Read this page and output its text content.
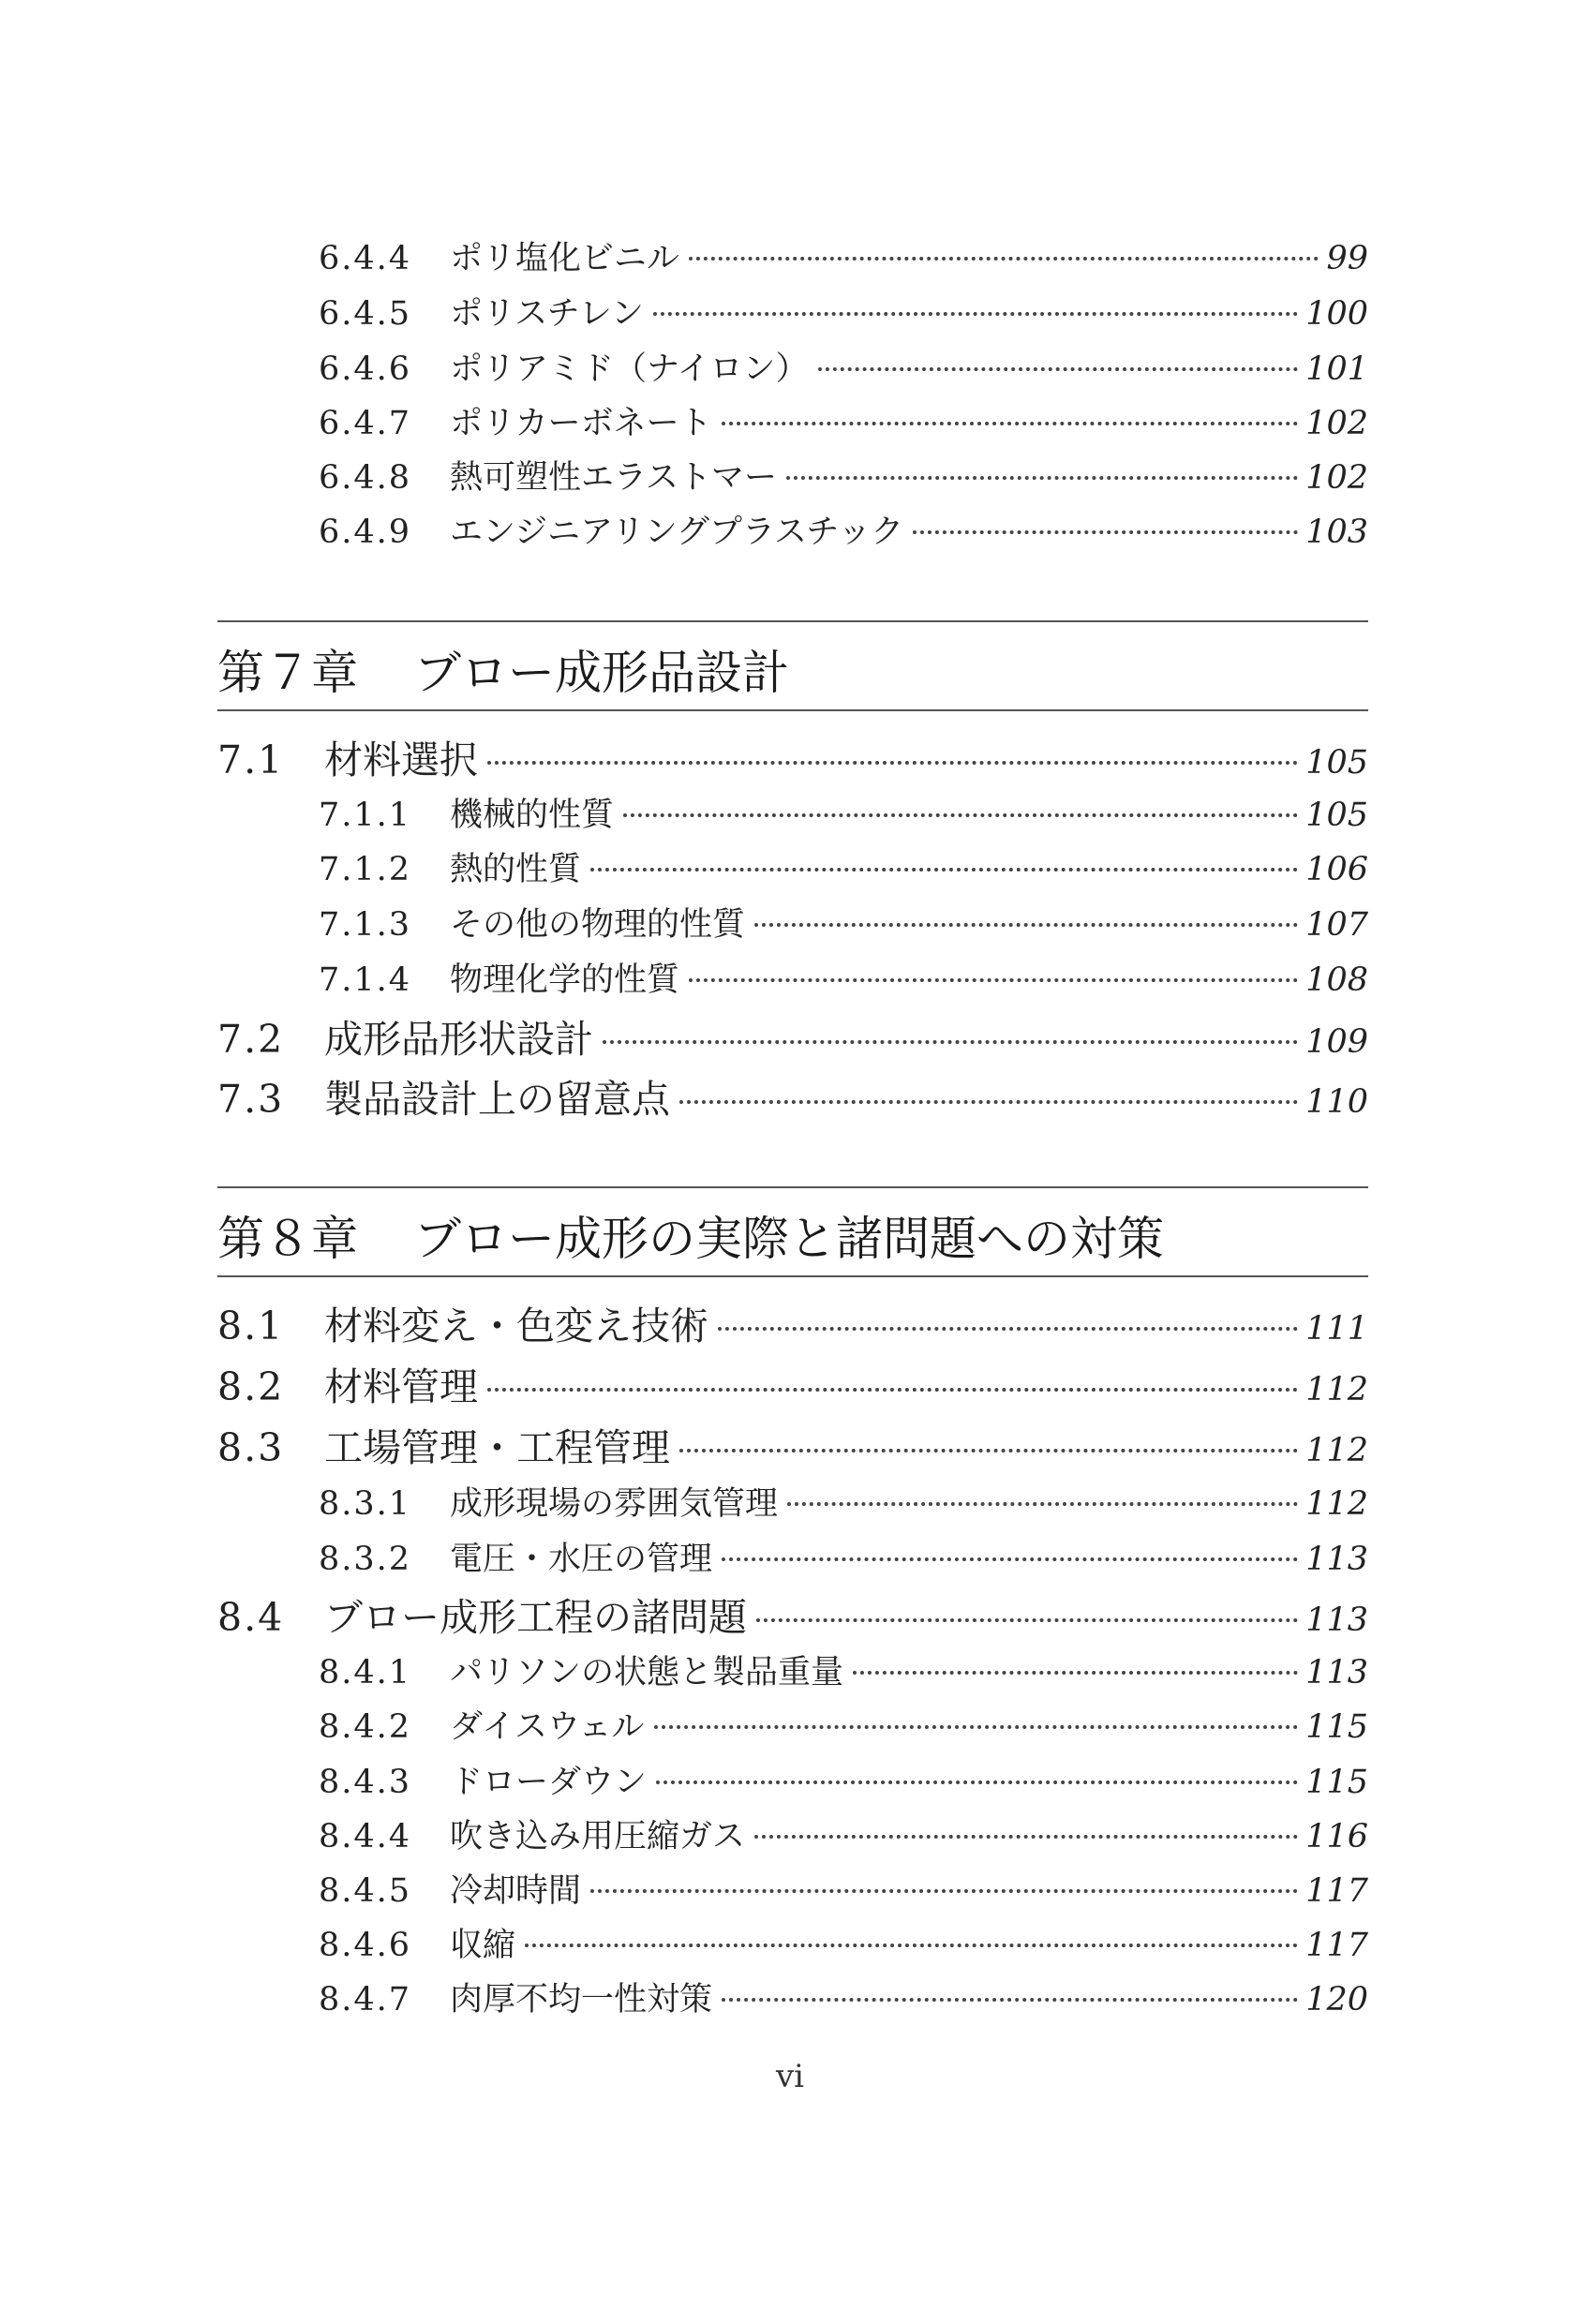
6.4.4	ポリ塩化ビニル	99
6.4.5	ポリスチレン	100
6.4.6	ポリアミド（ナイロン）	101
6.4.7	ポリカーボネート	102
6.4.8	熱可塑性エラストマー	102
6.4.9	エンジニアリングプラスチック	103
第７章 ブロー成形品設計
7.1	材料選択	105
7.1.1	機械的性質	105
7.1.2	熱的性質	106
7.1.3	その他の物理的性質	107
7.1.4	物理化学的性質	108
7.2	成形品形状設計	109
7.3	製品設計上の留意点	110
第８章 ブロー成形の実際と諸問題への対策
8.1	材料変え・色変え技術	111
8.2	材料管理	112
8.3	工場管理・工程管理	112
8.3.1	成形現場の雰囲気管理	112
8.3.2	電圧・水圧の管理	113
8.4	ブロー成形工程の諸問題	113
8.4.1	パリソンの状態と製品重量	113
8.4.2	ダイスウェル	115
8.4.3	ドローダウン	115
8.4.4	吹き込み用圧縮ガス	116
8.4.5	冷却時間	117
8.4.6	収縮	117
8.4.7	肉厚不均一性対策	120
vi
